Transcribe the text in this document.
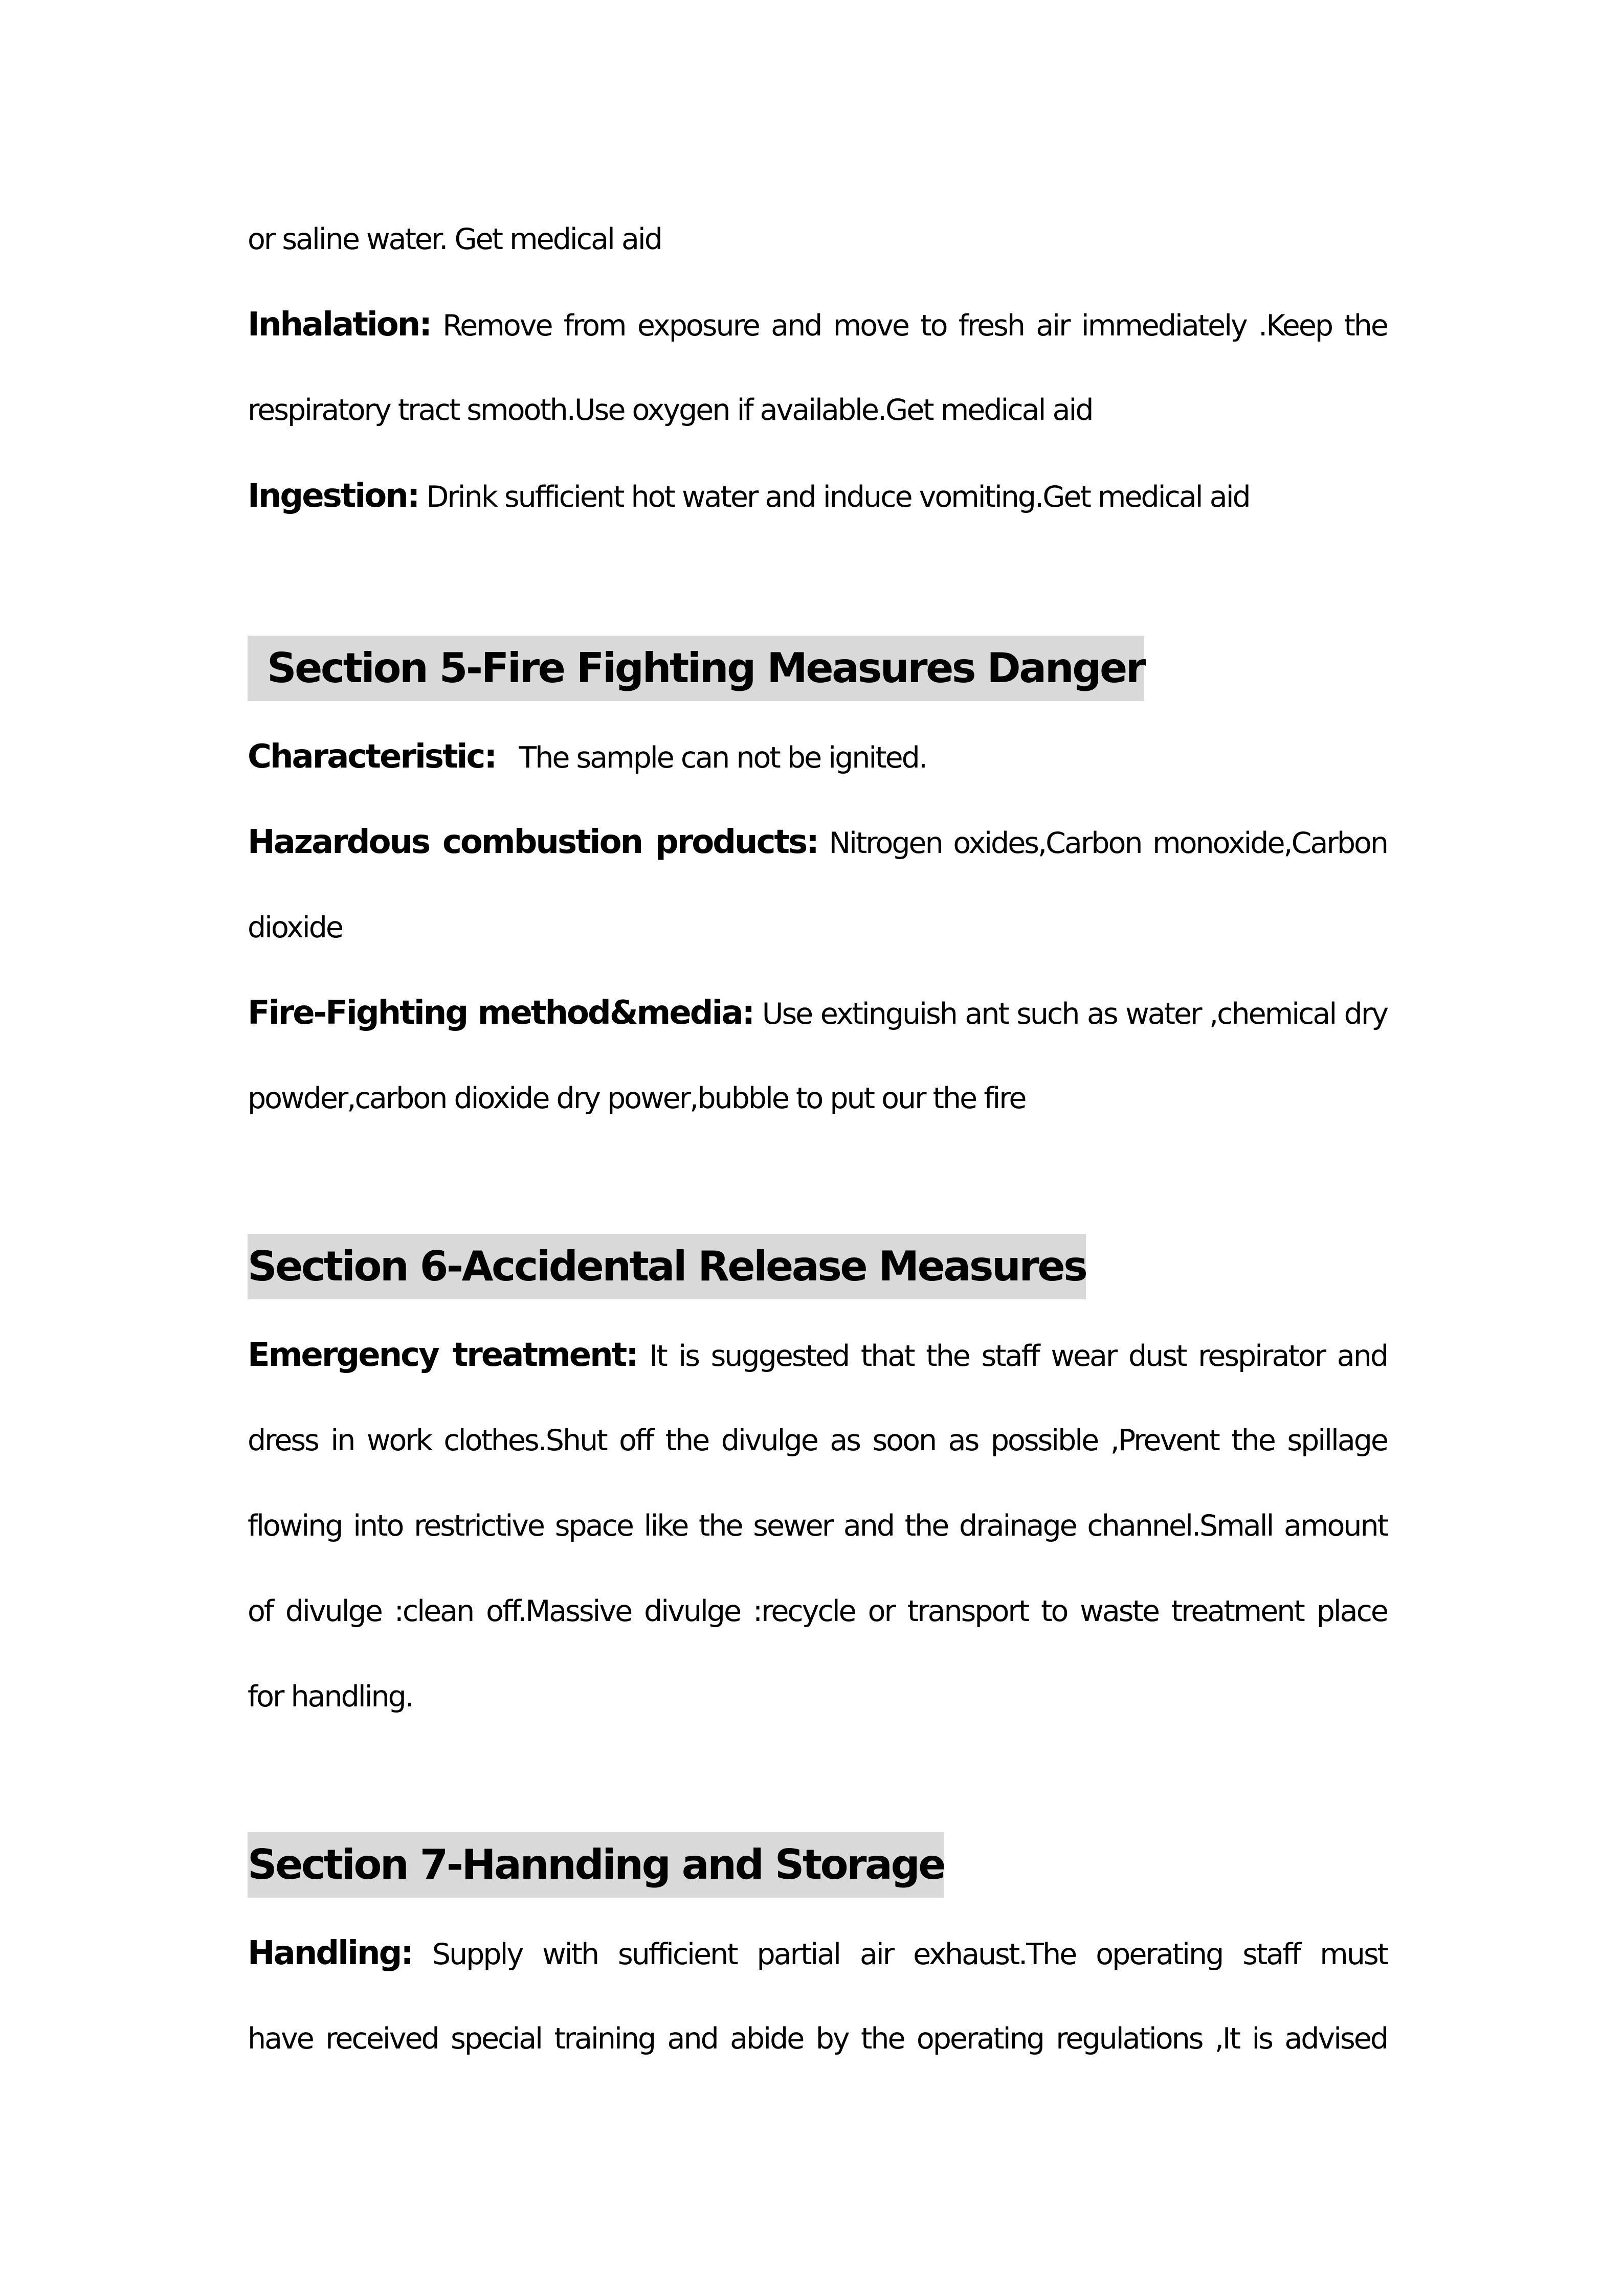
or saline water. Get medical aid
Inhalation: Remove from exposure and move to fresh air immediately .Keep the
respiratory tract smooth.Use oxygen if available.Get medical aid
Ingestion: Drink sufficient hot water and induce vomiting.Get medical aid
Section 5-Fire Fighting Measures Danger
Characteristic:   The sample can not be ignited.
Hazardous combustion products: Nitrogen oxides,Carbon monoxide,Carbon
dioxide
Fire-Fighting method&media: Use extinguish ant such as water ,chemical dry
powder,carbon dioxide dry power,bubble to put our the fire
Section 6-Accidental Release Measures
Emergency treatment: It is suggested that the staff wear dust respirator and
dress in work clothes.Shut off the divulge as soon as possible ,Prevent the spillage
flowing into restrictive space like the sewer and the drainage channel.Small amount
of divulge :clean off.Massive divulge :recycle or transport to waste treatment place
for handling.
Section 7-Hannding and Storage
Handling: Supply with sufficient partial air exhaust.The operating staff must
have received special training and abide by the operating regulations ,It is advised
